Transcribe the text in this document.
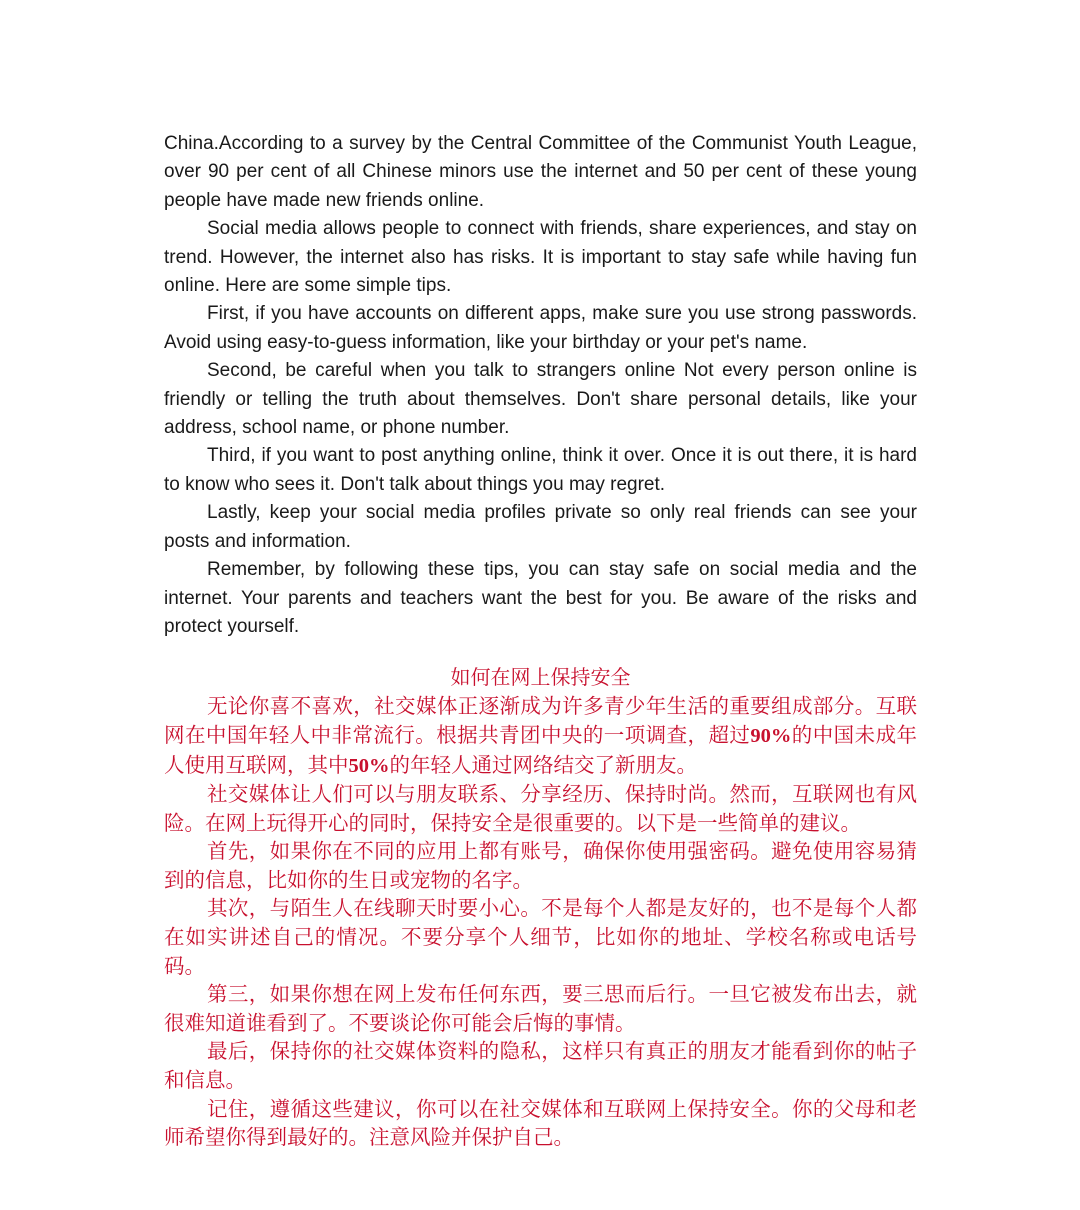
China.According to a survey by the Central Committee of the Communist Youth League, over 90 per cent of all Chinese minors use the internet and 50 per cent of these young people have made new friends online.

Social media allows people to connect with friends, share experiences, and stay on trend. However, the internet also has risks. It is important to stay safe while having fun online. Here are some simple tips.

First, if you have accounts on different apps, make sure you use strong passwords. Avoid using easy-to-guess information, like your birthday or your pet's name.

Second, be careful when you talk to strangers online Not every person online is friendly or telling the truth about themselves. Don't share personal details, like your address, school name, or phone number.

Third, if you want to post anything online, think it over. Once it is out there, it is hard to know who sees it. Don't talk about things you may regret.

Lastly, keep your social media profiles private so only real friends can see your posts and information.

Remember, by following these tips, you can stay safe on social media and the internet. Your parents and teachers want the best for you. Be aware of the risks and protect yourself.

如何在网上保持安全

无论你喜不喜欢，社交媒体正逐渐成为许多青少年生活的重要组成部分。互联网在中国年轻人中非常流行。根据共青团中央的一项调查，超过90%的中国未成年人使用互联网，其中50%的年轻人通过网络结交了新朋友。

社交媒体让人们可以与朋友联系、分享经历、保持时尚。然而，互联网也有风险。在网上玩得开心的同时，保持安全是很重要的。以下是一些简单的建议。

首先，如果你在不同的应用上都有账号，确保你使用强密码。避免使用容易猜到的信息，比如你的生日或宠物的名字。

其次，与陌生人在线聊天时要小心。不是每个人都是友好的，也不是每个人都在如实讲述自己的情况。不要分享个人细节，比如你的地址、学校名称或电话号码。

第三，如果你想在网上发布任何东西，要三思而后行。一旦它被发布出去，就很难知道谁看到了。不要谈论你可能会后悔的事情。

最后，保持你的社交媒体资料的隐私，这样只有真正的朋友才能看到你的帖子和信息。

记住，遵循这些建议，你可以在社交媒体和互联网上保持安全。你的父母和老师希望你得到最好的。注意风险并保护自己。
